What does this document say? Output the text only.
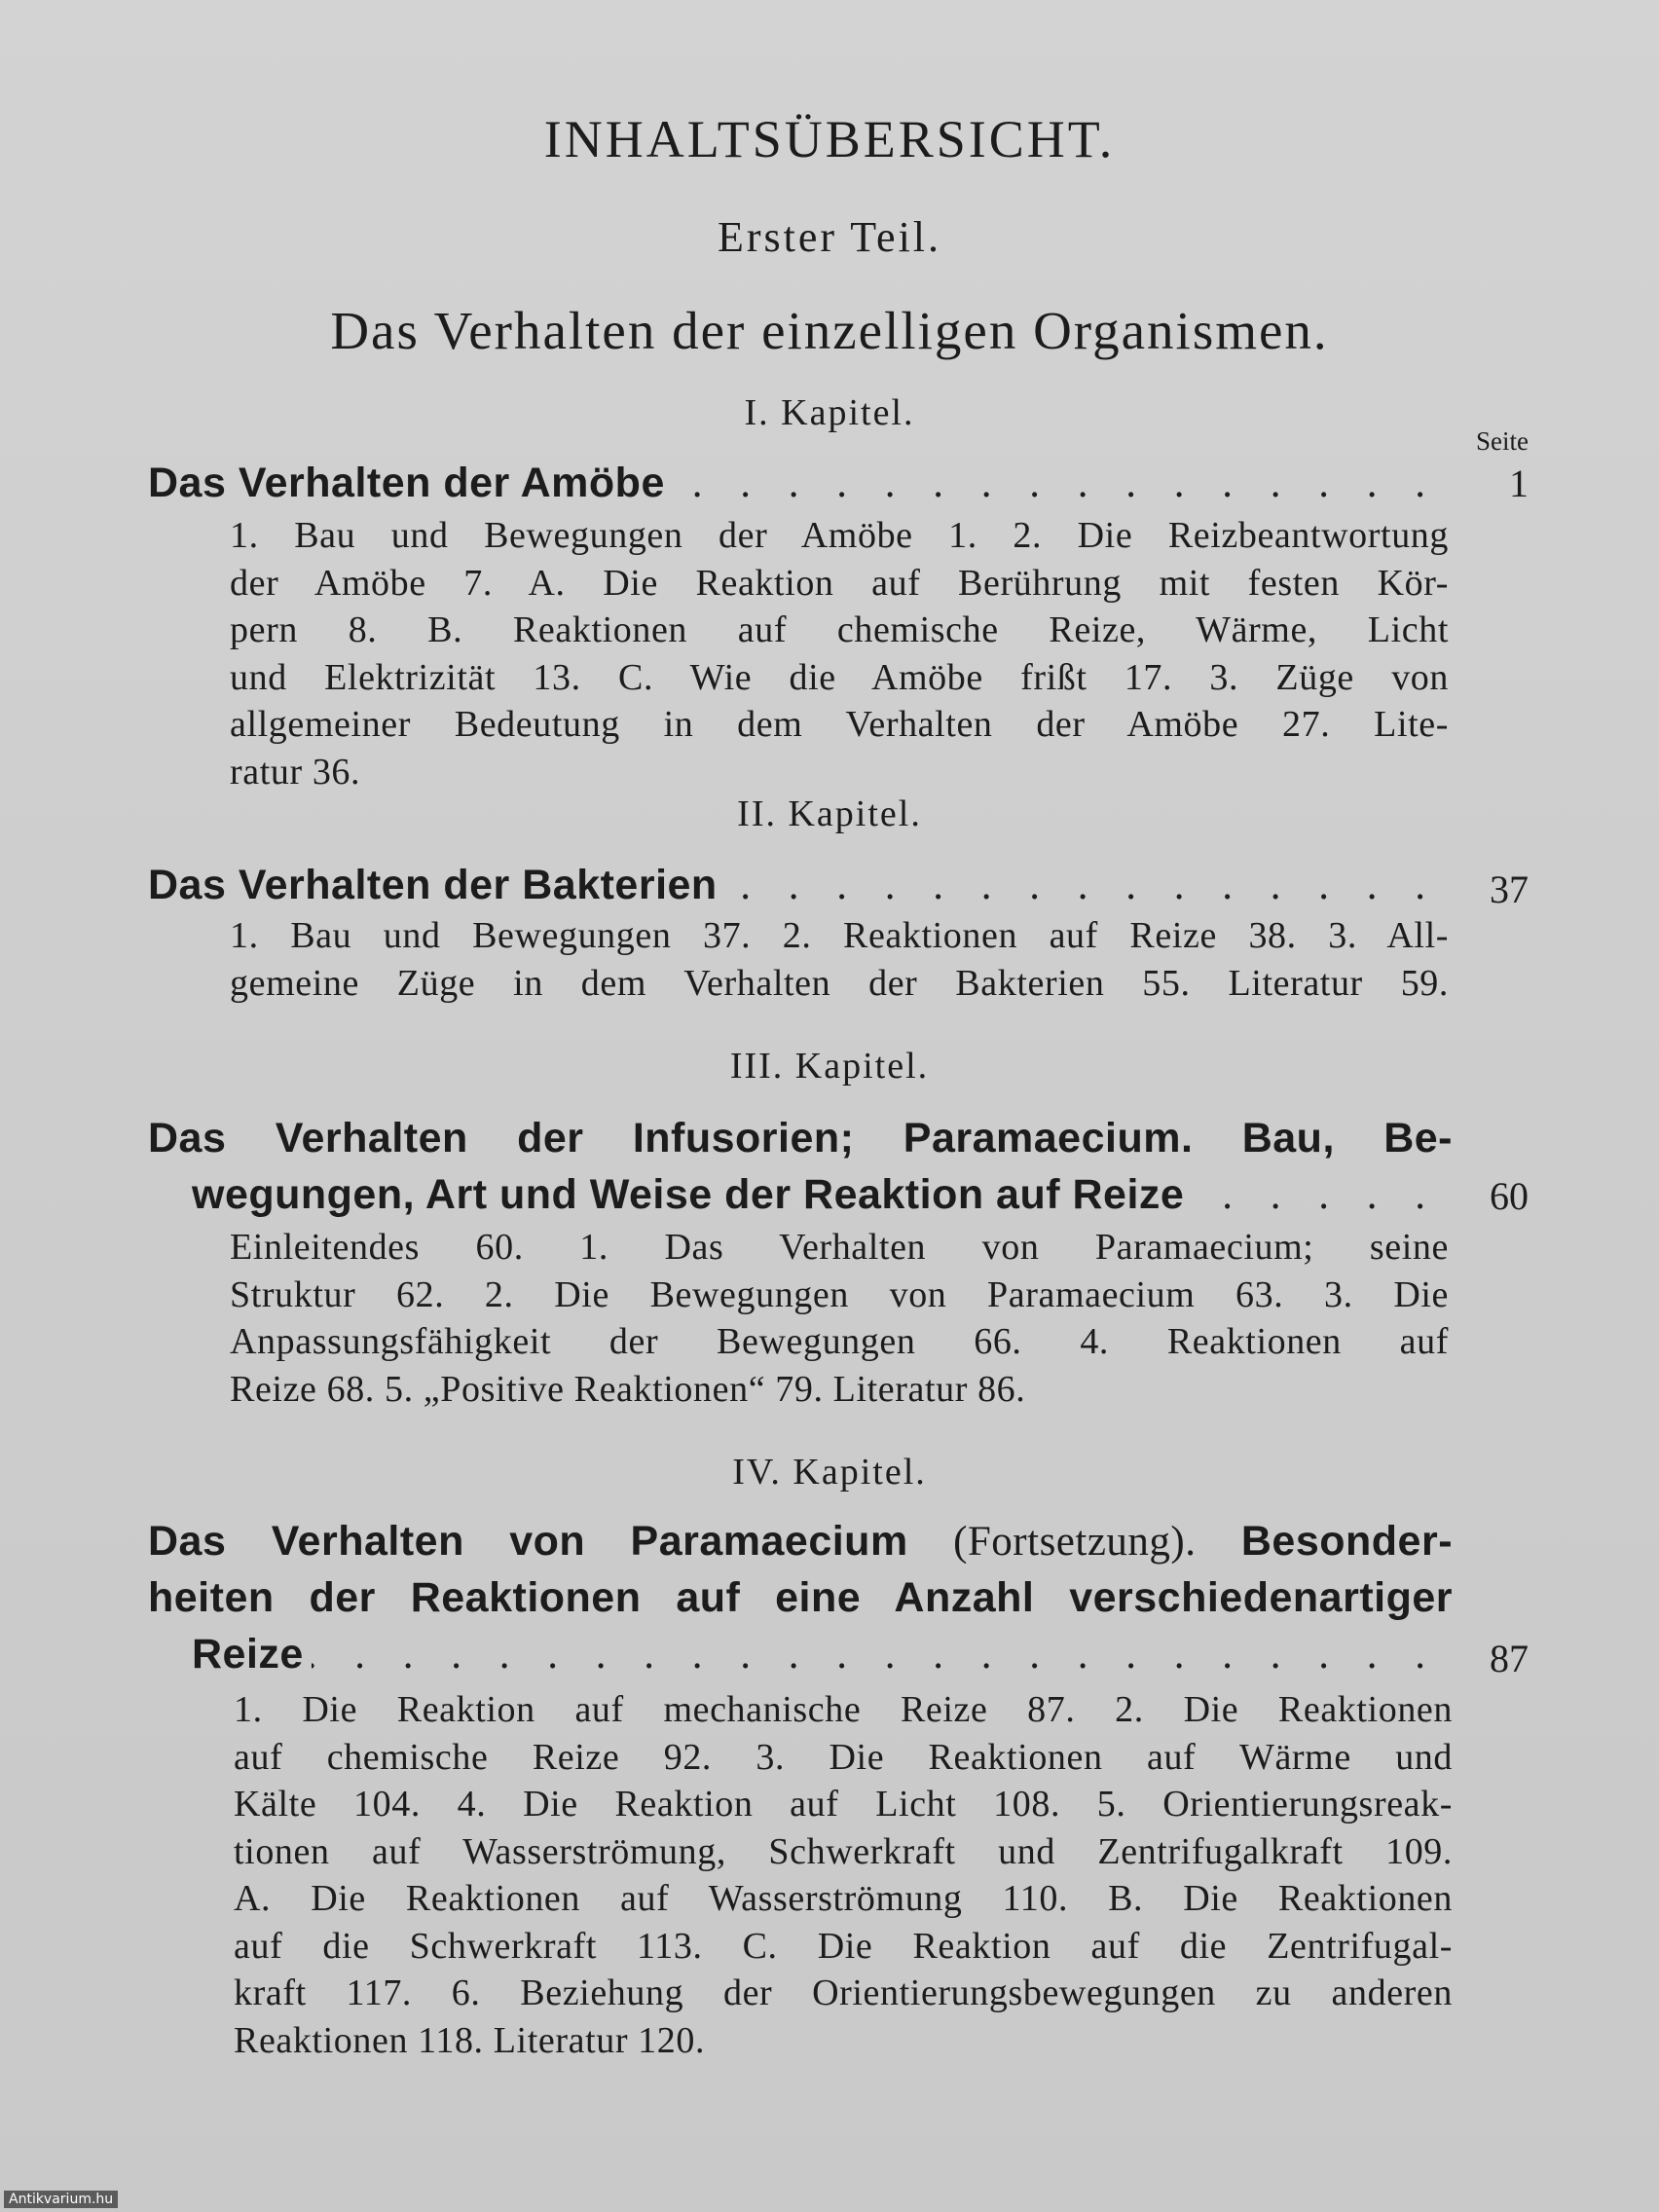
INHALTSÜBERSICHT.
Erster Teil.
Das Verhalten der einzelligen Organismen.
Seite
I. Kapitel.
Das Verhalten der Amöbe . . .	1
1. Bau und Bewegungen der Amöbe 1. 2. Die Reizbeantwortung
der Amöbe 7. A. Die Reaktion auf Berührung mit festen Kör-
pern 8. B. Reaktionen auf chemische Reize, Wärme, Licht
und Elektrizität 13. C. Wie die Amöbe frißt 17. 3. Züge von
allgemeiner Bedeutung in dem Verhalten der Amöbe 27. Lite-
ratur 36.
II. Kapitel.
Das Verhalten der Bakterien . . .	37
1. Bau und Bewegungen 37. 2. Reaktionen auf Reize 38. 3. All-
gemeine Züge in dem Verhalten der Bakterien 55. Literatur 59.
III. Kapitel.
Das Verhalten der Infusorien; Paramaecium. Bau, Be-
wegungen, Art und Weise der Reaktion auf Reize . . .	60
Einleitendes 60. 1. Das Verhalten von Paramaecium; seine
Struktur 62. 2. Die Bewegungen von Paramaecium 63. 3. Die
Anpassungsfähigkeit der Bewegungen 66. 4. Reaktionen auf
Reize 68. 5. „Positive Reaktionen“ 79. Literatur 86.
IV. Kapitel.
Das Verhalten von Paramaecium (Fortsetzung). Besonder-
heiten der Reaktionen auf eine Anzahl verschiedenartiger
Reize . . .	87
1. Die Reaktion auf mechanische Reize 87. 2. Die Reaktionen
auf chemische Reize 92. 3. Die Reaktionen auf Wärme und
Kälte 104. 4. Die Reaktion auf Licht 108. 5. Orientierungsreak-
tionen auf Wasserströmung, Schwerkraft und Zentrifugalkraft 109.
A. Die Reaktionen auf Wasserströmung 110. B. Die Reaktionen
auf die Schwerkraft 113. C. Die Reaktion auf die Zentrifugal-
kraft 117. 6. Beziehung der Orientierungsbewegungen zu anderen
Reaktionen 118. Literatur 120.
Antikvarium.hu
